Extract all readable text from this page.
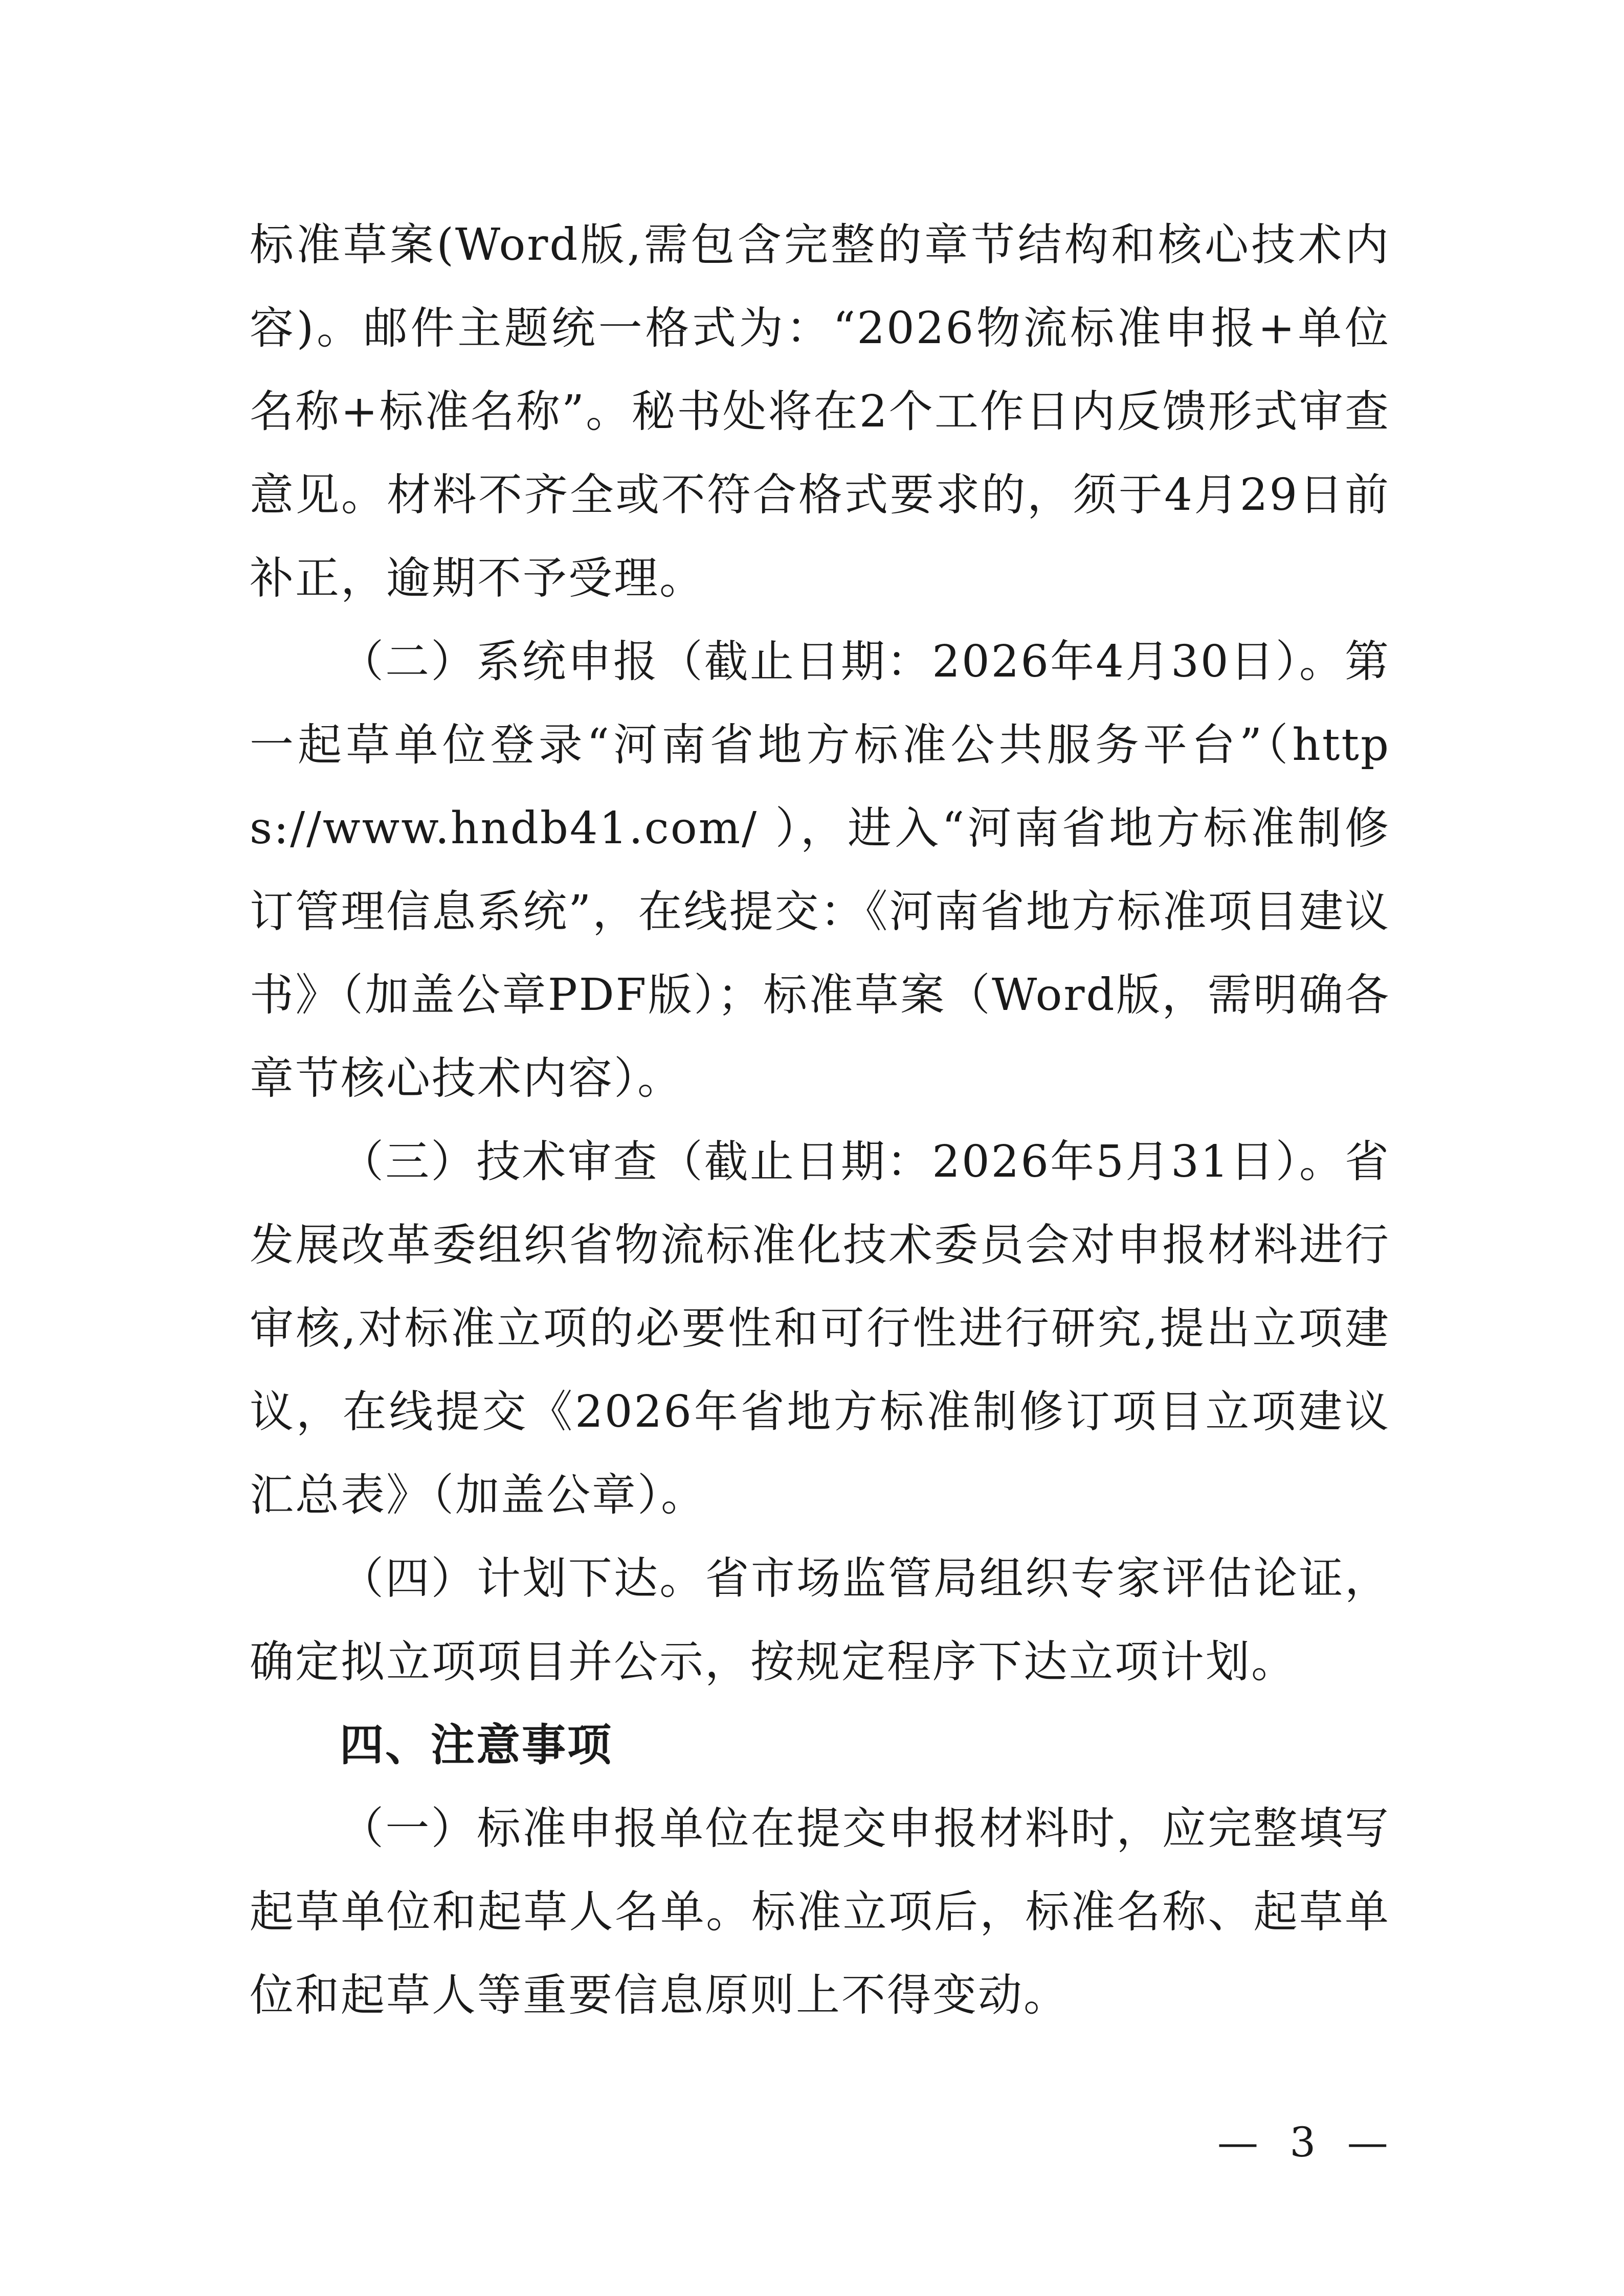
标准草案(Word版,需包含完整的章节结构和核心技术内容)。邮件主题统一格式为：“2026物流标准申报+单位名称+标准名称”。秘书处将在2个工作日内反馈形式审查意见。材料不齐全或不符合格式要求的，须于4月29日前补正，逾期不予受理。

（二）系统申报（截止日期：2026年4月30日）。第一起草单位登录“河南省地方标准公共服务平台”（https://www.hndb41.com/ ），进入“河南省地方标准制修订管理信息系统”，在线提交：《河南省地方标准项目建议书》（加盖公章PDF版）；标准草案（Word版，需明确各章节核心技术内容）。

（三）技术审查（截止日期：2026年5月31日）。省发展改革委组织省物流标准化技术委员会对申报材料进行审核,对标准立项的必要性和可行性进行研究,提出立项建议，在线提交《2026年省地方标准制修订项目立项建议汇总表》（加盖公章）。

（四）计划下达。省市场监管局组织专家评估论证，确定拟立项项目并公示，按规定程序下达立项计划。

四、注意事项

（一）标准申报单位在提交申报材料时，应完整填写起草单位和起草人名单。标准立项后，标准名称、起草单位和起草人等重要信息原则上不得变动。

— 3 —
